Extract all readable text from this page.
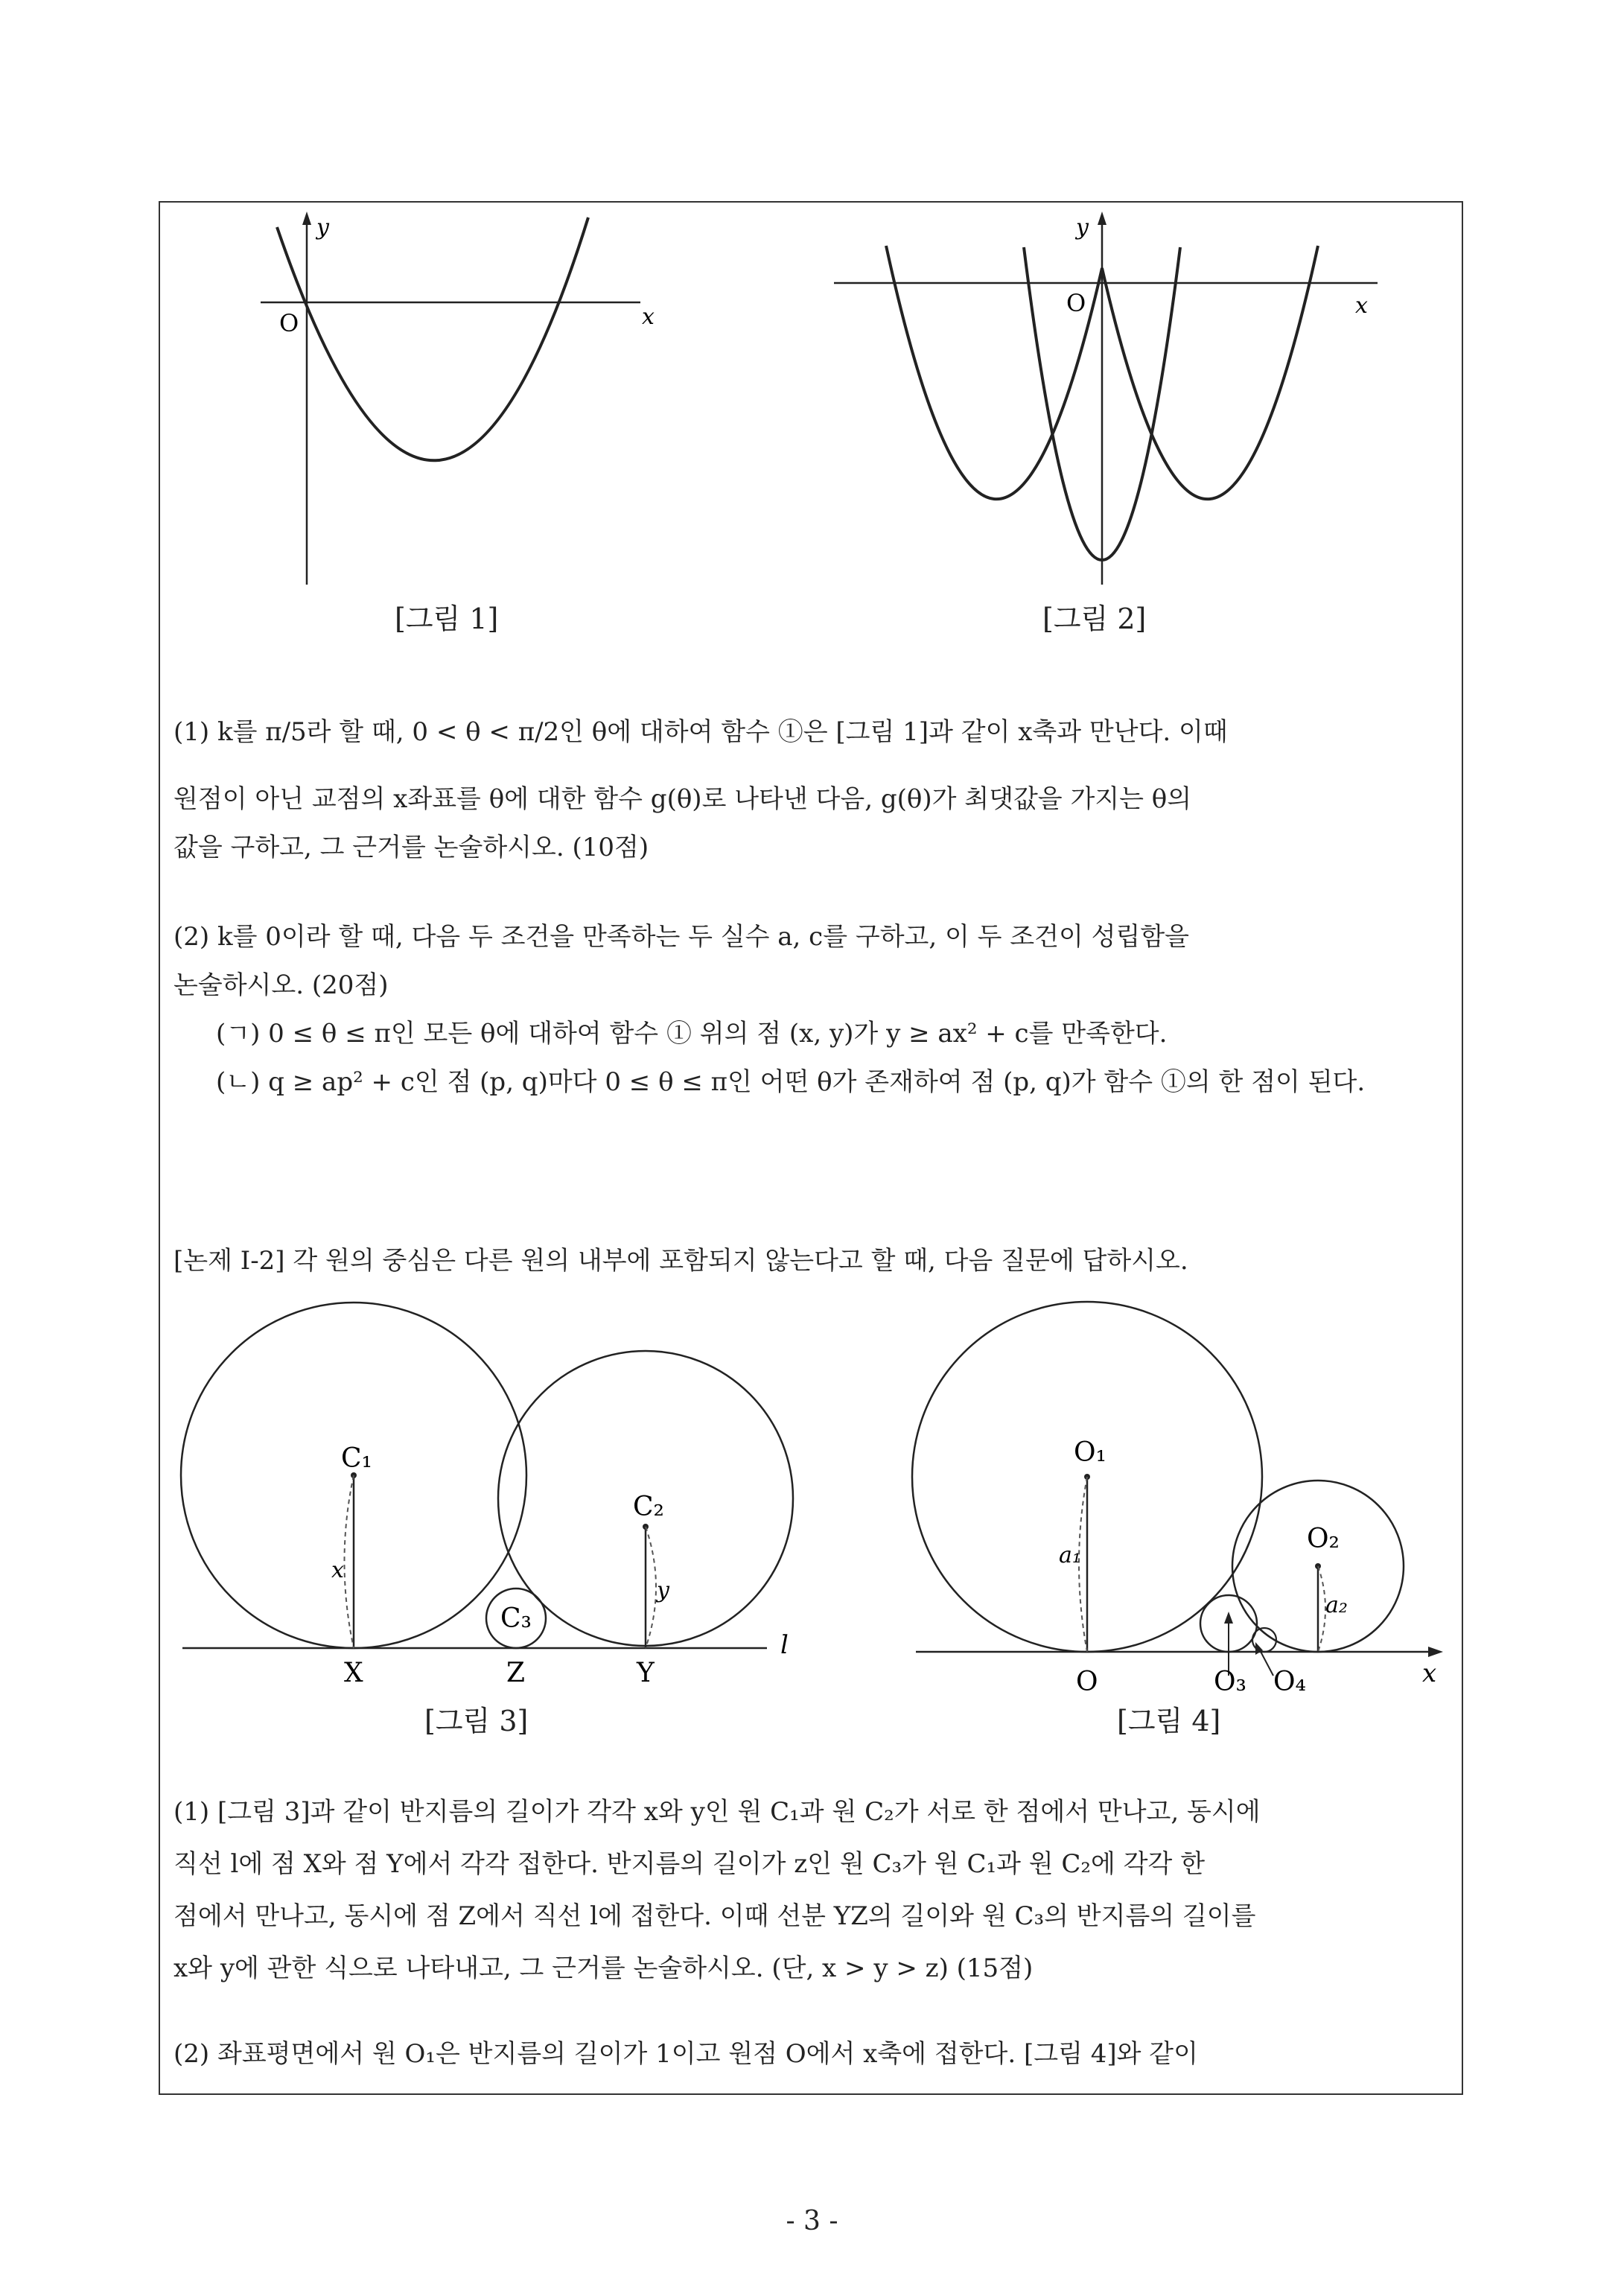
y
O	x
[그림 1]
y
O	x
[그림 2]

(1) k를 π/5라 할 때, 0 < θ < π/2인 θ에 대하여 함수 ①은 [그림 1]과 같이 x축과 만난다. 이때

원점이 아닌 교점의 x좌표를 θ에 대한 함수 g(θ)로 나타낸 다음, g(θ)가 최댓값을 가지는 θ의

값을 구하고, 그 근거를 논술하시오. (10점)

(2) k를 0이라 할 때, 다음 두 조건을 만족하는 두 실수 a, c를 구하고, 이 두 조건이 성립함을

논술하시오. (20점)

(ㄱ) 0 ≤ θ ≤ π인 모든 θ에 대하여 함수 ① 위의 점 (x, y)가 y ≥ ax² + c를 만족한다.

(ㄴ) q ≥ ap² + c인 점 (p, q)마다 0 ≤ θ ≤ π인 어떤 θ가 존재하여 점 (p, q)가 함수 ①의 한 점이 된다.

[논제 I-2] 각 원의 중심은 다른 원의 내부에 포함되지 않는다고 할 때, 다음 질문에 답하시오.

C₁
C₂
C₃
x
y
X	Z	Y
l
[그림 3]
O₁
O₂
a₁
a₂
O	O₃ O₄	x
[그림 4]

(1) [그림 3]과 같이 반지름의 길이가 각각 x와 y인 원 C₁과 원 C₂가 서로 한 점에서 만나고, 동시에

직선 l에 점 X와 점 Y에서 각각 접한다. 반지름의 길이가 z인 원 C₃가 원 C₁과 원 C₂에 각각 한

점에서 만나고, 동시에 점 Z에서 직선 l에 접한다. 이때 선분 YZ의 길이와 원 C₃의 반지름의 길이를

x와 y에 관한 식으로 나타내고, 그 근거를 논술하시오. (단, x > y > z) (15점)

(2) 좌표평면에서 원 O₁은 반지름의 길이가 1이고 원점 O에서 x축에 접한다. [그림 4]와 같이

- 3 -
